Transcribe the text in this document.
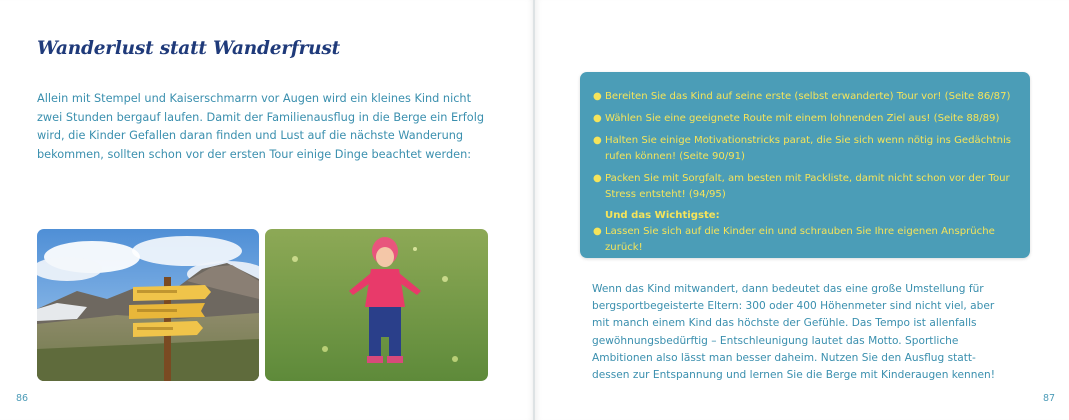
Wanderlust statt Wanderfrust
Allein mit Stempel und Kaiserschmarrn vor Augen wird ein kleines Kind nicht zwei Stunden bergauf laufen. Damit der Familienausflug in die Berge ein Erfolg wird, die Kinder Gefallen daran finden und Lust auf die nächste Wanderung bekommen, sollten schon vor der ersten Tour einige Dinge beachtet werden:
86
● Bereiten Sie das Kind auf seine erste (selbst erwanderte) Tour vor! (Seite 86/87)
● Wählen Sie eine geeignete Route mit einem lohnenden Ziel aus! (Seite 88/89)
● Halten Sie einige Motivationstricks parat, die Sie sich wenn nötig ins Gedächtnis rufen können! (Seite 90/91)
● Packen Sie mit Sorgfalt, am besten mit Packliste, damit nicht schon vor der Tour Stress entsteht! (94/95)
Und das Wichtigste:
● Lassen Sie sich auf die Kinder ein und schrauben Sie Ihre eigenen Ansprüche zurück!
Wenn das Kind mitwandert, dann bedeutet das eine große Umstellung für bergsportbegeisterte Eltern: 300 oder 400 Höhenmeter sind nicht viel, aber mit manch einem Kind das höchste der Gefühle. Das Tempo ist allenfalls gewöhnungsbedürftig – Entschleunigung lautet das Motto. Sportliche Ambitionen also lässt man besser daheim. Nutzen Sie den Ausflug statt-dessen zur Entspannung und lernen Sie die Berge mit Kinderaugen kennen!
87
